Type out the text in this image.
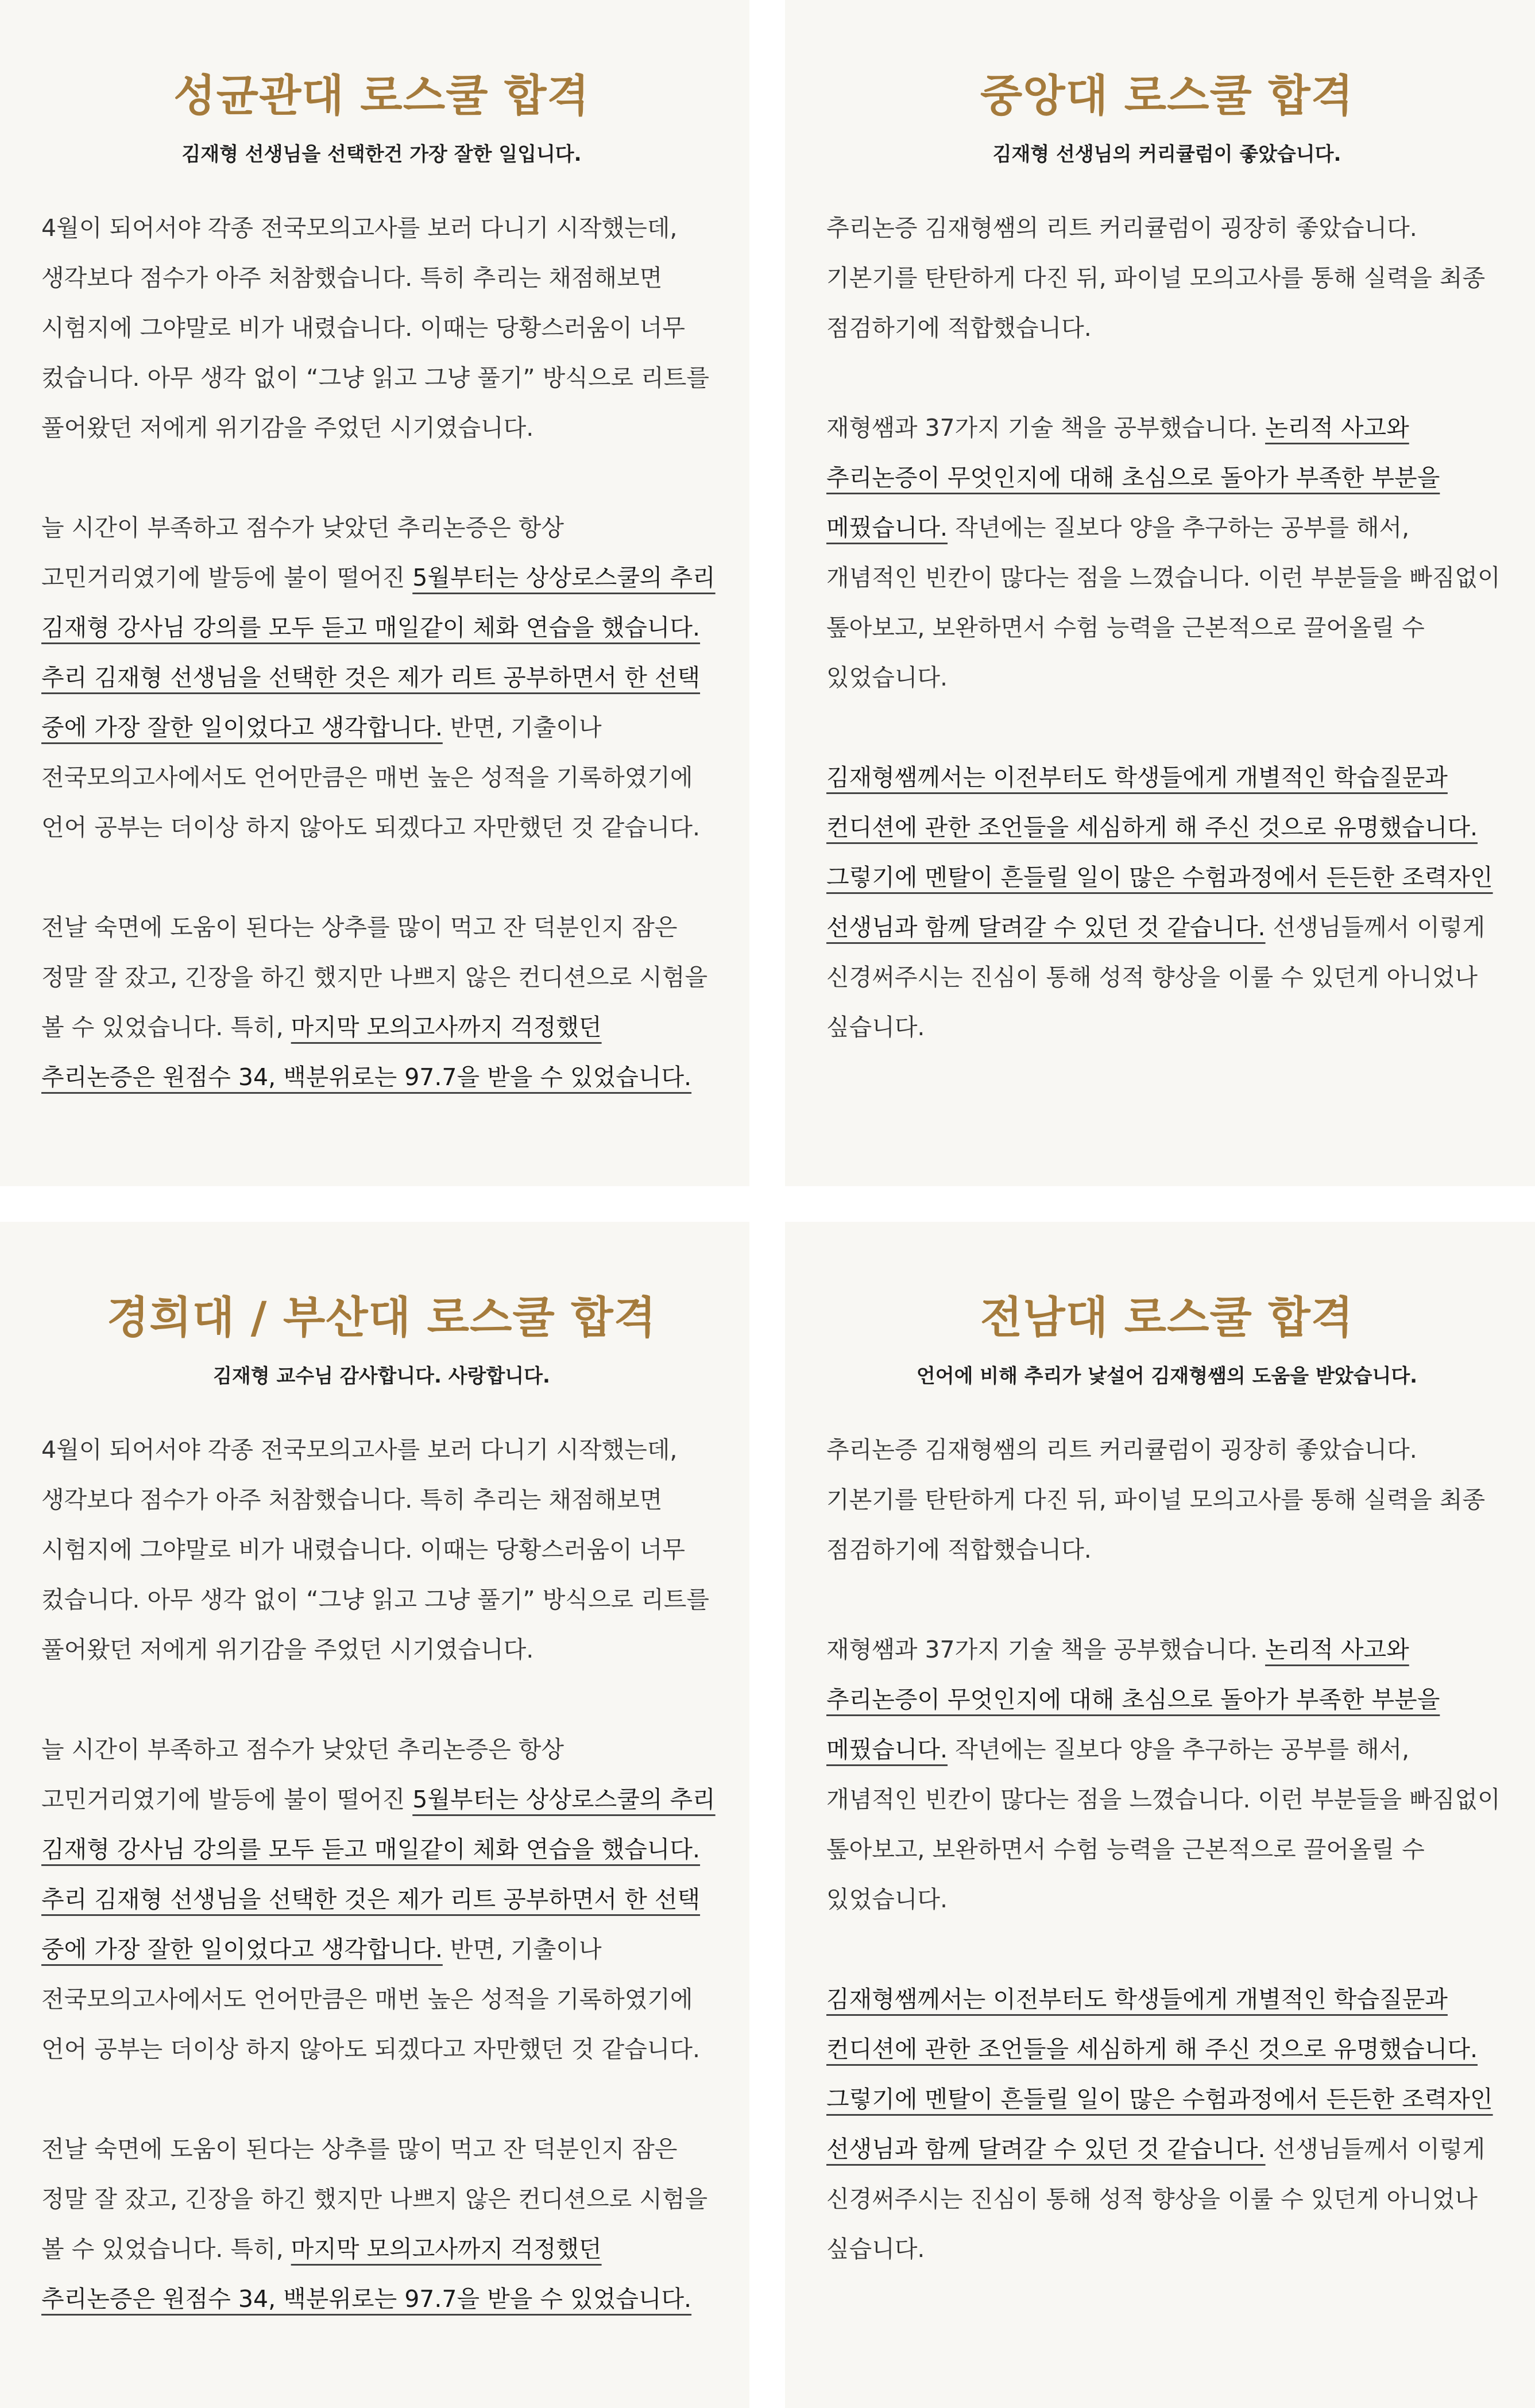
성균관대 로스쿨 합격
김재형 선생님을 선택한건 가장 잘한 일입니다.

4월이 되어서야 각종 전국모의고사를 보러 다니기 시작했는데, 생각보다 점수가 아주 처참했습니다. 특히 추리는 채점해보면 시험지에 그야말로 비가 내렸습니다. 이때는 당황스러움이 너무 컸습니다. 아무 생각 없이 “그냥 읽고 그냥 풀기” 방식으로 리트를 풀어왔던 저에게 위기감을 주었던 시기였습니다.

늘 시간이 부족하고 점수가 낮았던 추리논증은 항상 고민거리였기에 발등에 불이 떨어진 5월부터는 상상로스쿨의 추리 김재형 강사님 강의를 모두 듣고 매일같이 체화 연습을 했습니다. 추리 김재형 선생님을 선택한 것은 제가 리트 공부하면서 한 선택 중에 가장 잘한 일이었다고 생각합니다. 반면, 기출이나 전국모의고사에서도 언어만큼은 매번 높은 성적을 기록하였기에 언어 공부는 더이상 하지 않아도 되겠다고 자만했던 것 같습니다.

전날 숙면에 도움이 된다는 상추를 많이 먹고 잔 덕분인지 잠은 정말 잘 잤고, 긴장을 하긴 했지만 나쁘지 않은 컨디션으로 시험을 볼 수 있었습니다. 특히, 마지막 모의고사까지 걱정했던 추리논증은 원점수 34, 백분위로는 97.7을 받을 수 있었습니다.

중앙대 로스쿨 합격
김재형 선생님의 커리큘럼이 좋았습니다.

추리논증 김재형쌤의 리트 커리큘럼이 굉장히 좋았습니다. 기본기를 탄탄하게 다진 뒤, 파이널 모의고사를 통해 실력을 최종 점검하기에 적합했습니다.

재형쌤과 37가지 기술 책을 공부했습니다. 논리적 사고와 추리논증이 무엇인지에 대해 초심으로 돌아가 부족한 부분을 메꿨습니다. 작년에는 질보다 양을 추구하는 공부를 해서, 개념적인 빈칸이 많다는 점을 느꼈습니다. 이런 부분들을 빠짐없이 톺아보고, 보완하면서 수험 능력을 근본적으로 끌어올릴 수 있었습니다.

김재형쌤께서는 이전부터도 학생들에게 개별적인 학습질문과 컨디션에 관한 조언들을 세심하게 해 주신 것으로 유명했습니다. 그렇기에 멘탈이 흔들릴 일이 많은 수험과정에서 든든한 조력자인 선생님과 함께 달려갈 수 있던 것 같습니다. 선생님들께서 이렇게 신경써주시는 진심이 통해 성적 향상을 이룰 수 있던게 아니었나 싶습니다.

경희대 / 부산대 로스쿨 합격
김재형 교수님 감사합니다. 사랑합니다.

4월이 되어서야 각종 전국모의고사를 보러 다니기 시작했는데, 생각보다 점수가 아주 처참했습니다. 특히 추리는 채점해보면 시험지에 그야말로 비가 내렸습니다. 이때는 당황스러움이 너무 컸습니다. 아무 생각 없이 “그냥 읽고 그냥 풀기” 방식으로 리트를 풀어왔던 저에게 위기감을 주었던 시기였습니다.

늘 시간이 부족하고 점수가 낮았던 추리논증은 항상 고민거리였기에 발등에 불이 떨어진 5월부터는 상상로스쿨의 추리 김재형 강사님 강의를 모두 듣고 매일같이 체화 연습을 했습니다. 추리 김재형 선생님을 선택한 것은 제가 리트 공부하면서 한 선택 중에 가장 잘한 일이었다고 생각합니다. 반면, 기출이나 전국모의고사에서도 언어만큼은 매번 높은 성적을 기록하였기에 언어 공부는 더이상 하지 않아도 되겠다고 자만했던 것 같습니다.

전날 숙면에 도움이 된다는 상추를 많이 먹고 잔 덕분인지 잠은 정말 잘 잤고, 긴장을 하긴 했지만 나쁘지 않은 컨디션으로 시험을 볼 수 있었습니다. 특히, 마지막 모의고사까지 걱정했던 추리논증은 원점수 34, 백분위로는 97.7을 받을 수 있었습니다.

전남대 로스쿨 합격
언어에 비해 추리가 낯설어 김재형쌤의 도움을 받았습니다.

추리논증 김재형쌤의 리트 커리큘럼이 굉장히 좋았습니다. 기본기를 탄탄하게 다진 뒤, 파이널 모의고사를 통해 실력을 최종 점검하기에 적합했습니다.

재형쌤과 37가지 기술 책을 공부했습니다. 논리적 사고와 추리논증이 무엇인지에 대해 초심으로 돌아가 부족한 부분을 메꿨습니다. 작년에는 질보다 양을 추구하는 공부를 해서, 개념적인 빈칸이 많다는 점을 느꼈습니다. 이런 부분들을 빠짐없이 톺아보고, 보완하면서 수험 능력을 근본적으로 끌어올릴 수 있었습니다.

김재형쌤께서는 이전부터도 학생들에게 개별적인 학습질문과 컨디션에 관한 조언들을 세심하게 해 주신 것으로 유명했습니다. 그렇기에 멘탈이 흔들릴 일이 많은 수험과정에서 든든한 조력자인 선생님과 함께 달려갈 수 있던 것 같습니다. 선생님들께서 이렇게 신경써주시는 진심이 통해 성적 향상을 이룰 수 있던게 아니었나 싶습니다.
